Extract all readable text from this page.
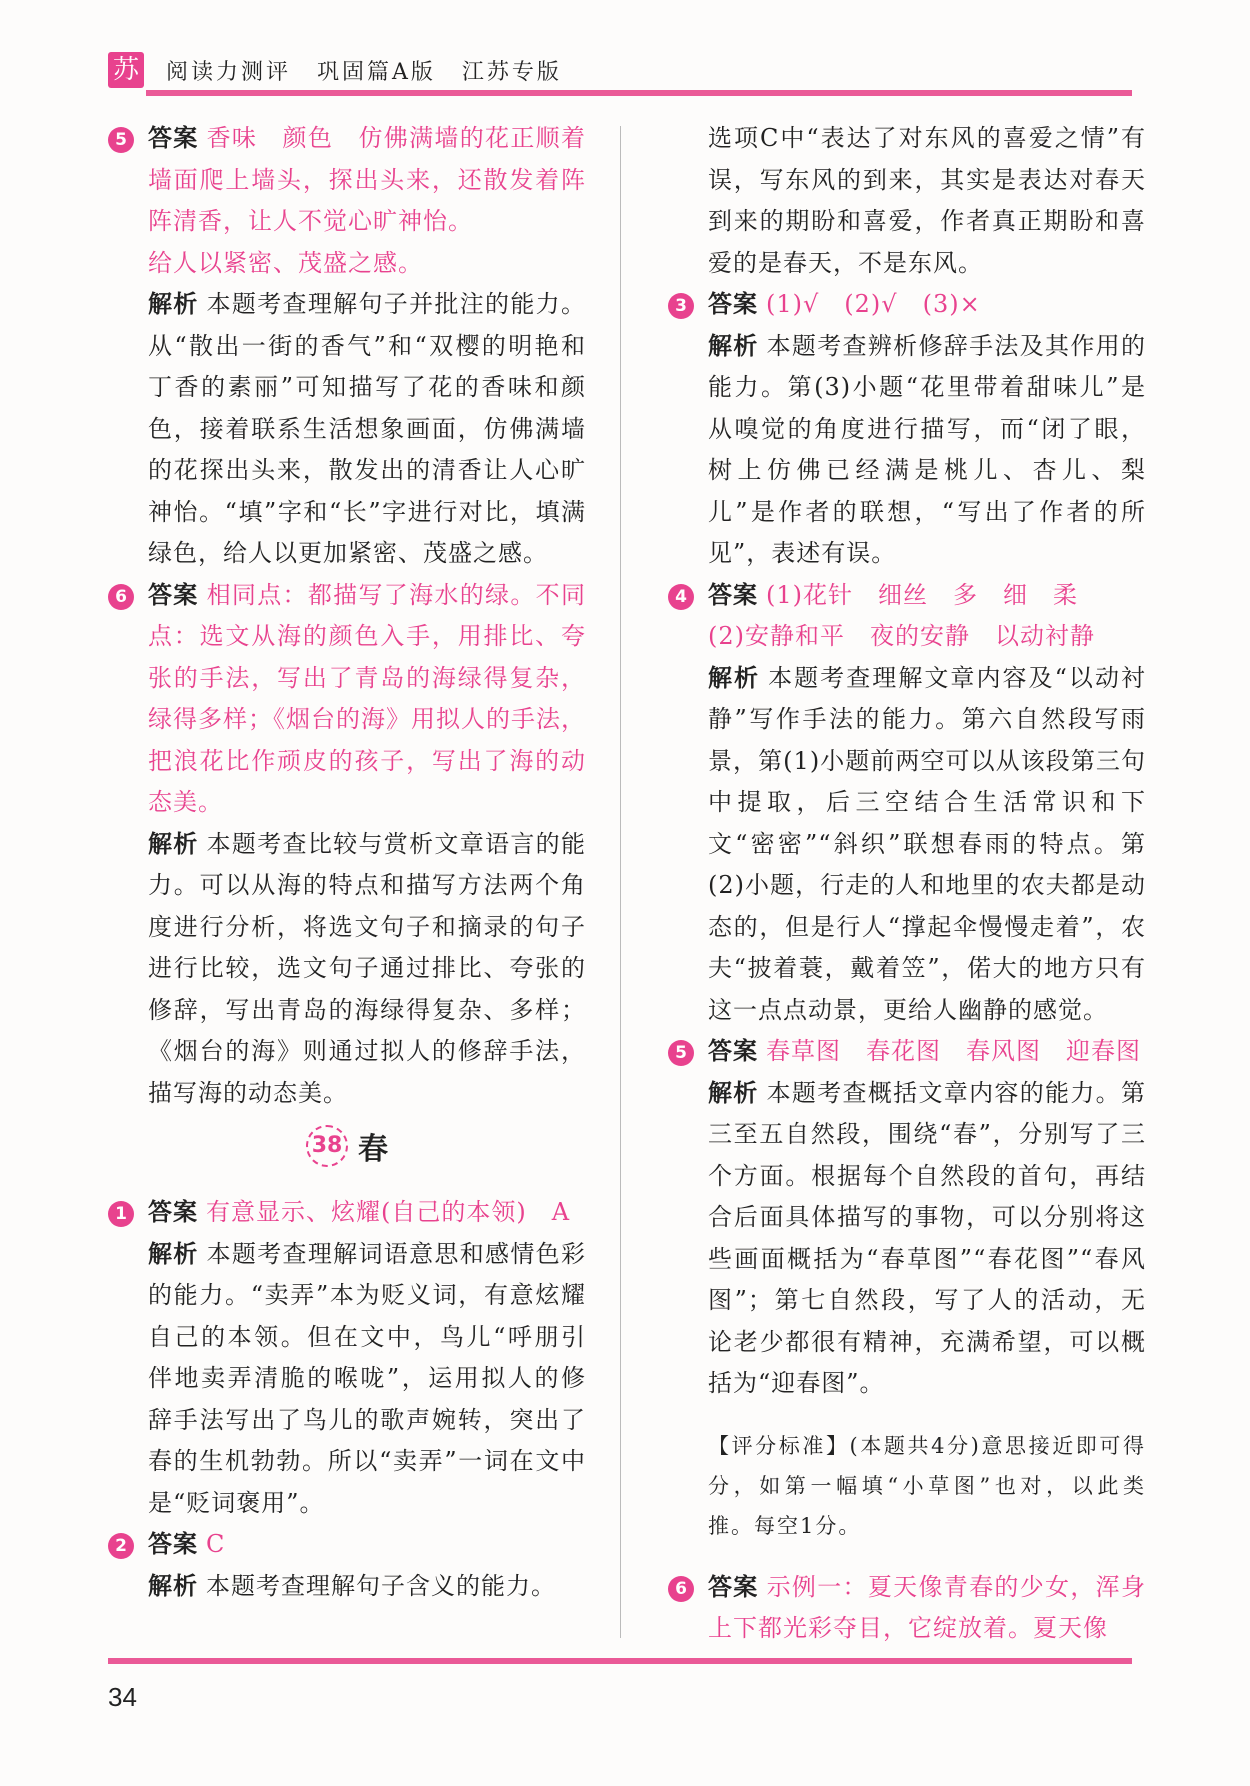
苏 阅读力测评 巩固篇A版 江苏专版
5 答案 香味　颜色　仿佛满墙的花正顺着墙面爬上墙头，探出头来，还散发着阵阵清香，让人不觉心旷神怡。

给人以紧密、茂盛之感。

解析 本题考查理解句子并批注的能力。从“散出一街的香气”和“双樱的明艳和丁香的素丽”可知描写了花的香味和颜色，接着联系生活想象画面，仿佛满墙的花探出头来，散发出的清香让人心旷神怡。“填”字和“长”字进行对比，填满绿色，给人以更加紧密、茂盛之感。

6 答案 相同点：都描写了海水的绿。不同点：选文从海的颜色入手，用排比、夸张的手法，写出了青岛的海绿得复杂，绿得多样；《烟台的海》用拟人的手法，把浪花比作顽皮的孩子，写出了海的动态美。

解析 本题考查比较与赏析文章语言的能力。可以从海的特点和描写方法两个角度进行分析，将选文句子和摘录的句子进行比较，选文句子通过排比、夸张的修辞，写出青岛的海绿得复杂、多样；《烟台的海》则通过拟人的修辞手法，描写海的动态美。

38 春
1 答案 有意显示、炫耀(自己的本领)　A

解析 本题考查理解词语意思和感情色彩的能力。“卖弄”本为贬义词，有意炫耀自己的本领。但在文中，鸟儿“呼朋引伴地卖弄清脆的喉咙”，运用拟人的修辞手法写出了鸟儿的歌声婉转，突出了春的生机勃勃。所以“卖弄”一词在文中是“贬词褒用”。

2 答案 C

解析 本题考查理解句子含义的能力。

选项C中“表达了对东风的喜爱之情”有误，写东风的到来，其实是表达对春天到来的期盼和喜爱，作者真正期盼和喜爱的是春天，不是东风。

3 答案 (1)√　(2)√　(3)×

解析 本题考查辨析修辞手法及其作用的能力。第(3)小题“花里带着甜味儿”是从嗅觉的角度进行描写，而“闭了眼，树上仿佛已经满是桃儿、杏儿、梨儿”是作者的联想，“写出了作者的所见”，表述有误。

4 答案 (1)花针　细丝　多　细　柔

(2)安静和平　夜的安静　以动衬静

解析 本题考查理解文章内容及“以动衬静”写作手法的能力。第六自然段写雨景，第(1)小题前两空可以从该段第三句中提取，后三空结合生活常识和下文“密密”“斜织”联想春雨的特点。第(2)小题，行走的人和地里的农夫都是动态的，但是行人“撑起伞慢慢走着”，农夫“披着蓑，戴着笠”，偌大的地方只有这一点点动景，更给人幽静的感觉。

5 答案 春草图　春花图　春风图　迎春图

解析 本题考查概括文章内容的能力。第三至五自然段，围绕“春”，分别写了三个方面。根据每个自然段的首句，再结合后面具体描写的事物，可以分别将这些画面概括为“春草图”“春花图”“春风图”；第七自然段，写了人的活动，无论老少都很有精神，充满希望，可以概括为“迎春图”。

【评分标准】(本题共4分)意思接近即可得分，如第一幅填“小草图”也对，以此类推。每空1分。

6 答案 示例一：夏天像青春的少女，浑身上下都光彩夺目，它绽放着。夏天像

34
